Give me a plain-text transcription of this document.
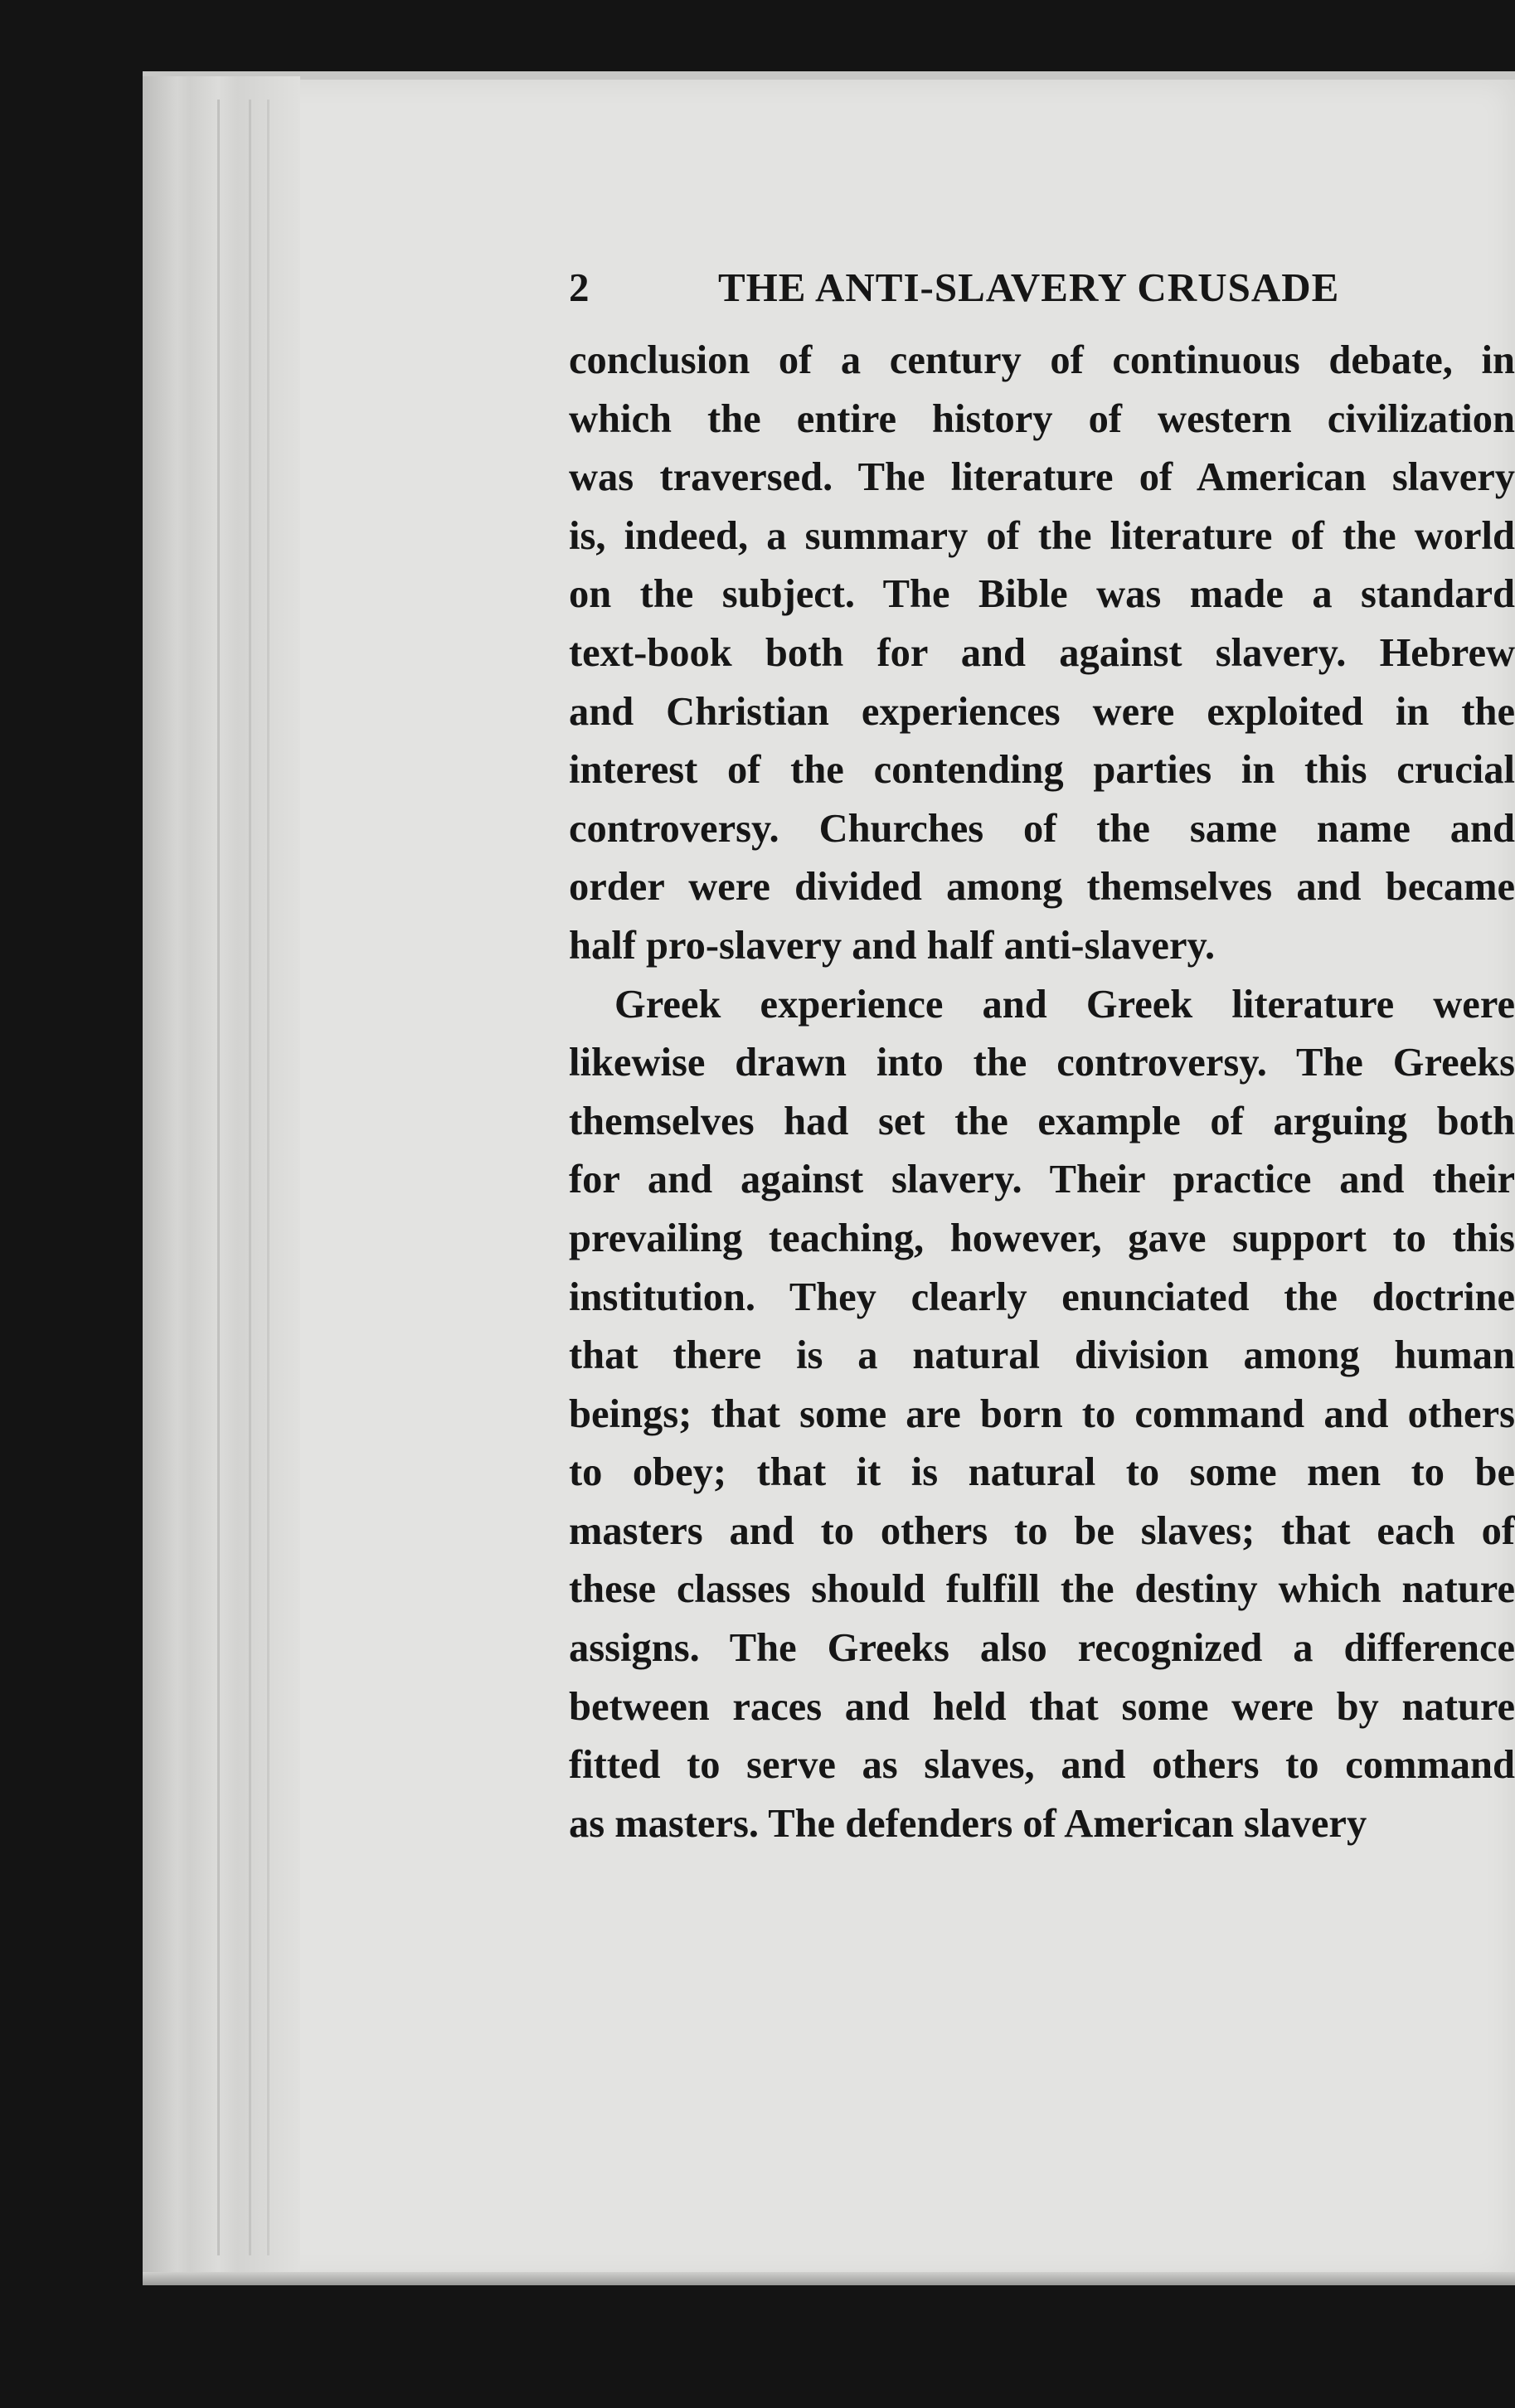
2	THE ANTI-SLAVERY CRUSADE
conclusion of a century of continuous debate, in
which the entire history of western civilization
was traversed. The literature of American slavery
is, indeed, a summary of the literature of the world
on the subject. The Bible was made a standard
text-book both for and against slavery. Hebrew
and Christian experiences were exploited in the
interest of the contending parties in this crucial
controversy. Churches of the same name and
order were divided among themselves and became
half pro-slavery and half anti-slavery.
Greek experience and Greek literature were
likewise drawn into the controversy. The Greeks
themselves had set the example of arguing both
for and against slavery. Their practice and their
prevailing teaching, however, gave support to this
institution. They clearly enunciated the doctrine
that there is a natural division among human
beings; that some are born to command and others
to obey; that it is natural to some men to be
masters and to others to be slaves; that each of
these classes should fulfill the destiny which nature
assigns. The Greeks also recognized a difference
between races and held that some were by nature
fitted to serve as slaves, and others to command
as masters. The defenders of American slavery
